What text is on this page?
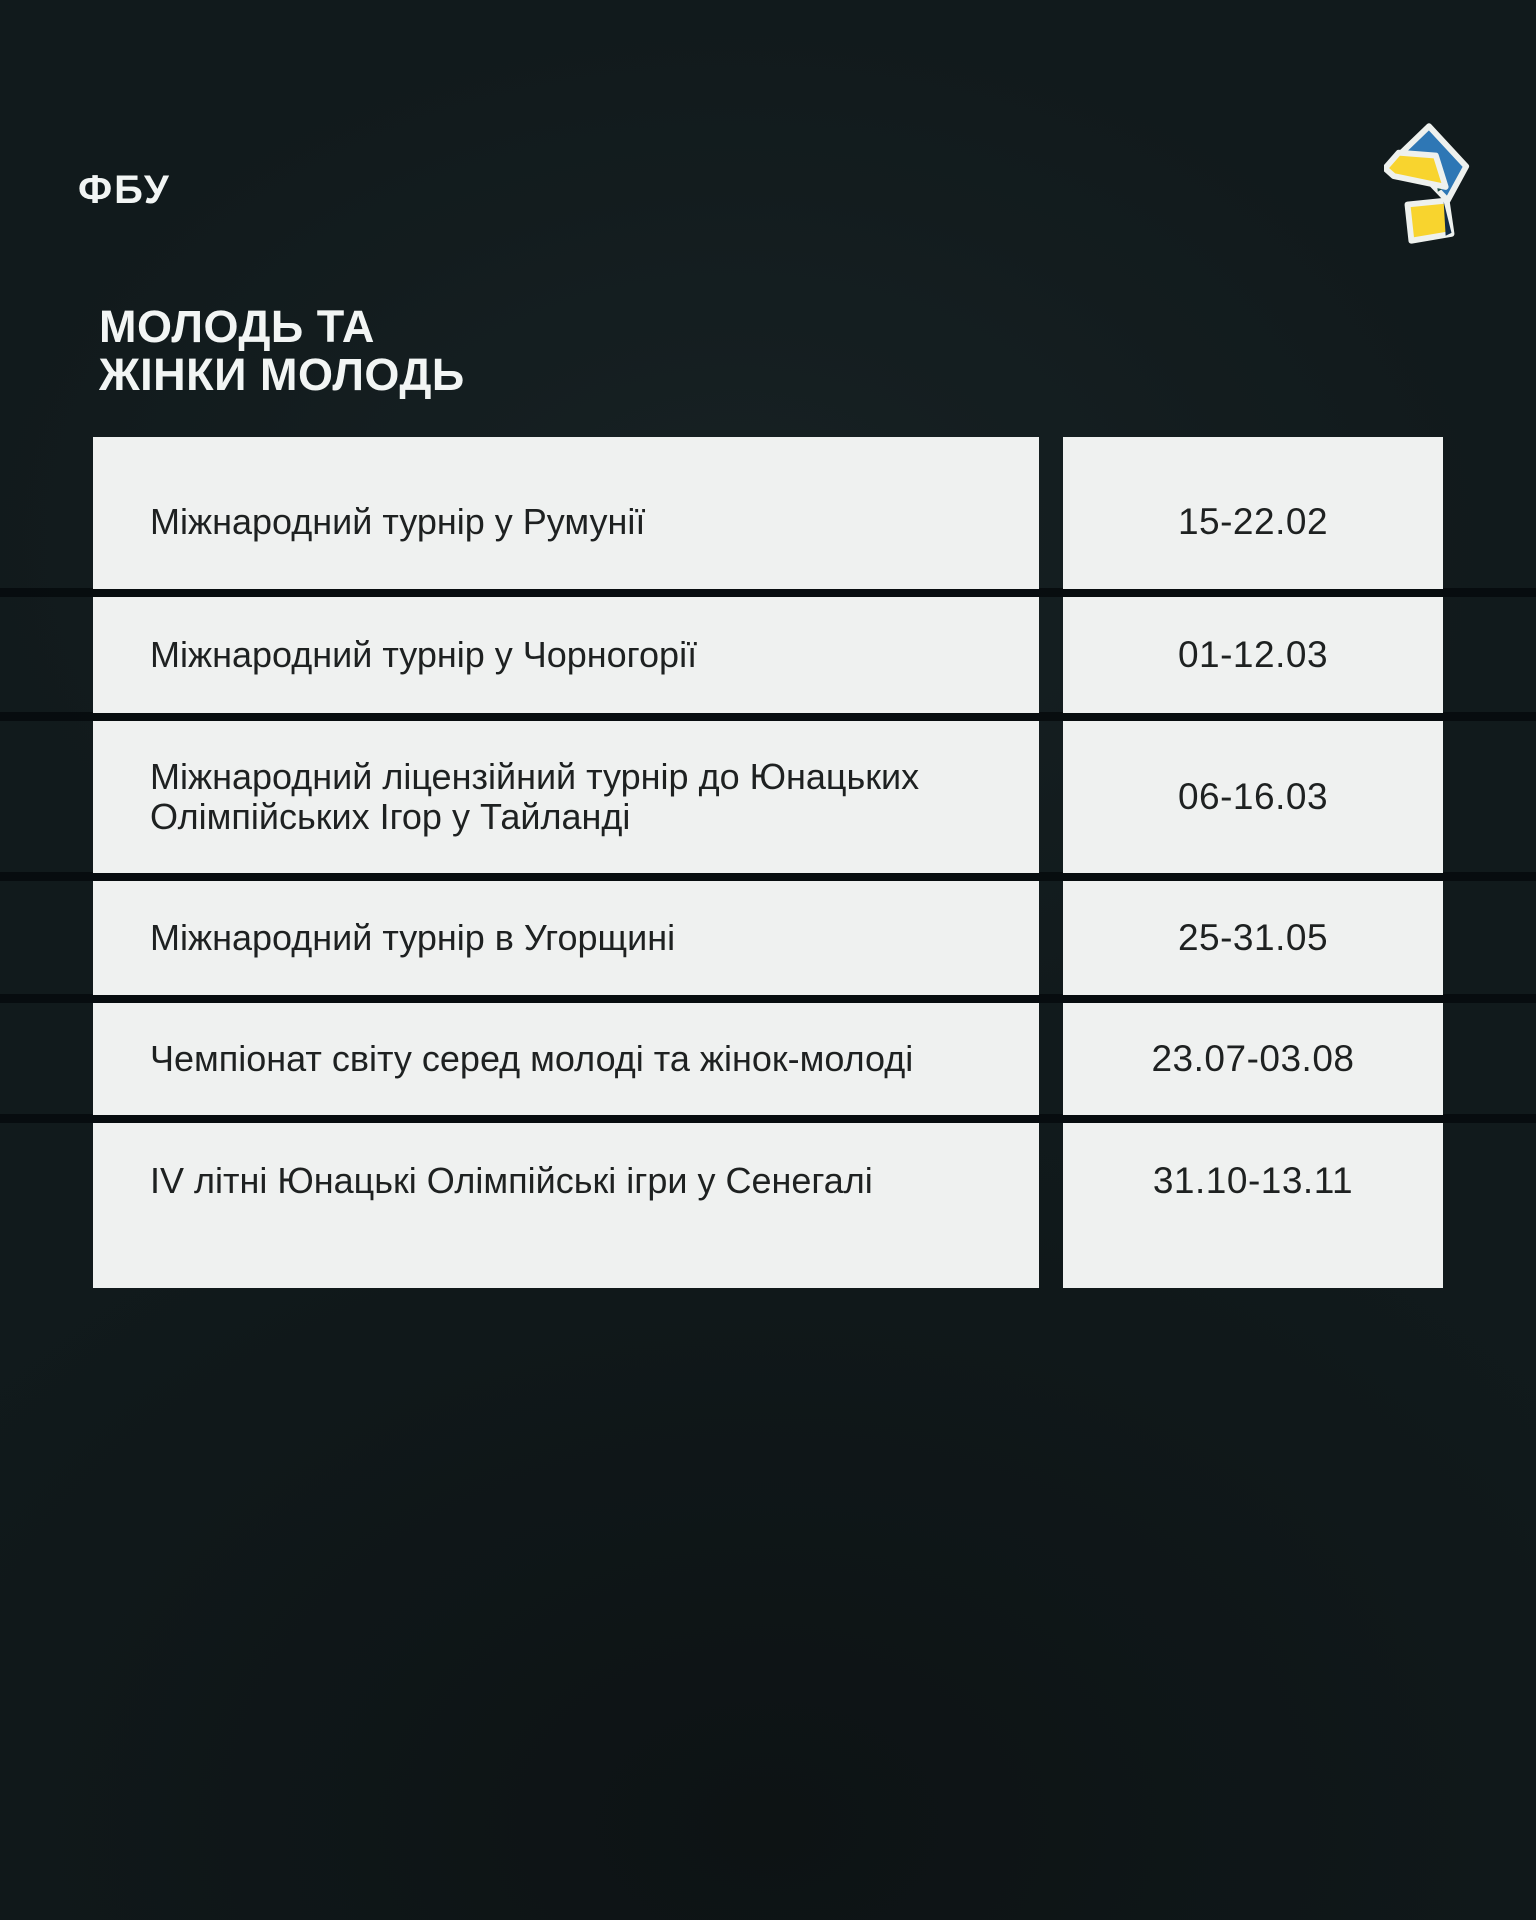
ФБУ
МОЛОДЬ ТА
ЖІНКИ МОЛОДЬ
Міжнародний турнір у Румунії	15-22.02
Міжнародний турнір у Чорногорії	01-12.03
Міжнародний ліцензійний турнір до Юнацьких Олімпійських Ігор у Тайланді	06-16.03
Міжнародний турнір в Угорщині	25-31.05
Чемпіонат світу серед молоді та жінок-молоді	23.07-03.08
IV літні Юнацькі Олімпійські ігри у Сенегалі	31.10-13.11
